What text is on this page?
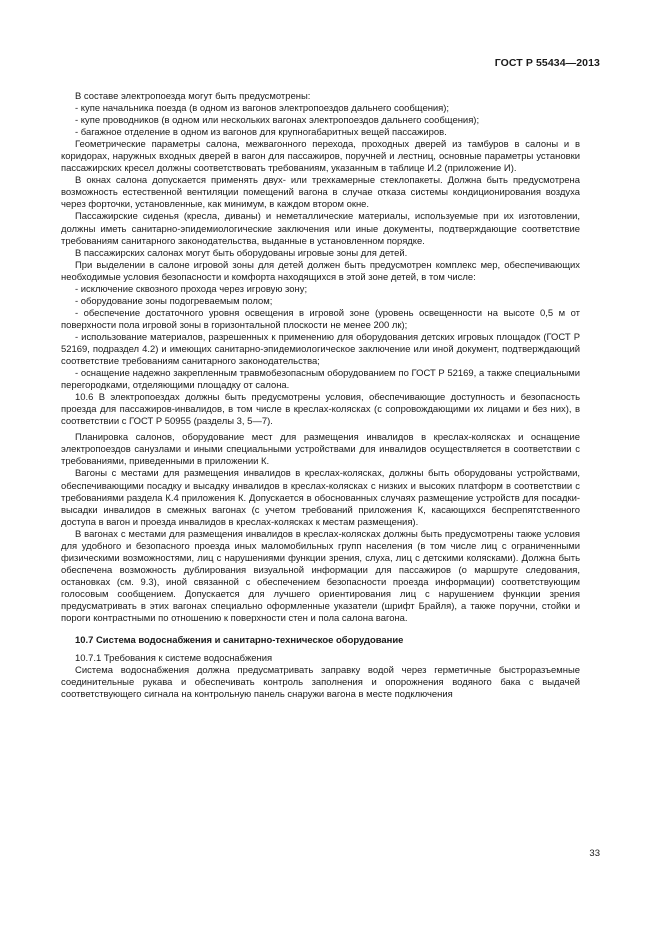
ГОСТ Р 55434—2013

В составе электропоезда могут быть предусмотрены:

- купе начальника поезда (в одном из вагонов электропоездов дальнего сообщения);

- купе проводников (в одном или нескольких вагонах электропоездов дальнего сообщения);

- багажное отделение в одном из вагонов для крупногабаритных вещей пассажиров.

Геометрические параметры салона, межвагонного перехода, проходных дверей из тамбуров в салоны и в коридорах, наружных входных дверей в вагон для пассажиров, поручней и лестниц, основные параметры установки пассажирских кресел должны соответствовать требованиям, указанным в таблице И.2 (приложение И).

В окнах салона допускается применять двух- или трехкамерные стеклопакеты. Должна быть предусмотрена возможность естественной вентиляции помещений вагона в случае отказа системы кондиционирования воздуха через форточки, установленные, как минимум, в каждом втором окне.

Пассажирские сиденья (кресла, диваны) и неметаллические материалы, используемые при их изготовлении, должны иметь санитарно-эпидемиологические заключения или иные документы, подтверждающие соответствие требованиям санитарного законодательства, выданные в установленном порядке.

В пассажирских салонах могут быть оборудованы игровые зоны для детей.

При выделении в салоне игровой зоны для детей должен быть предусмотрен комплекс мер, обеспечивающих необходимые условия безопасности и комфорта находящихся в этой зоне детей, в том числе:

- исключение сквозного прохода через игровую зону;

- оборудование зоны подогреваемым полом;

- обеспечение достаточного уровня освещения в игровой зоне (уровень освещенности на высоте 0,5 м от поверхности пола игровой зоны в горизонтальной плоскости не менее 200 лк);

- использование материалов, разрешенных к применению для оборудования детских игровых площадок (ГОСТ Р 52169, подраздел 4.2) и имеющих санитарно-эпидемиологическое заключение или иной документ, подтверждающий соответствие требованиям санитарного законодательства;

- оснащение надежно закрепленным травмобезопасным оборудованием по ГОСТ Р 52169, а также специальными перегородками, отделяющими площадку от салона.

10.6 В электропоездах должны быть предусмотрены условия, обеспечивающие доступность и безопасность проезда для пассажиров-инвалидов, в том числе в креслах-колясках (с сопровождающими их лицами и без них), в соответствии с ГОСТ Р 50955 (разделы 3, 5—7).

Планировка салонов, оборудование мест для размещения инвалидов в креслах-колясках и оснащение электропоездов санузлами и иными специальными устройствами для инвалидов осуществляется в соответствии с требованиями, приведенными в приложении К.

Вагоны с местами для размещения инвалидов в креслах-колясках, должны быть оборудованы устройствами, обеспечивающими посадку и высадку инвалидов в креслах-колясках с низких и высоких платформ в соответствии с требованиями раздела К.4 приложения К. Допускается в обоснованных случаях размещение устройств для посадки-высадки инвалидов в смежных вагонах (с учетом требований приложения К, касающихся беспрепятственного доступа в вагон и проезда инвалидов в креслах-колясках к местам размещения).

В вагонах с местами для размещения инвалидов в креслах-колясках должны быть предусмотрены также условия для удобного и безопасного проезда иных маломобильных групп населения (в том числе лиц с ограниченными физическими возможностями, лиц с нарушениями функции зрения, слуха, лиц с детскими колясками). Должна быть обеспечена возможность дублирования визуальной информации для пассажиров (о маршруте следования, остановках (см. 9.3), иной связанной с обеспечением безопасности проезда информации) соответствующим голосовым сообщением. Допускается для лучшего ориентирования лиц с нарушением функции зрения предусматривать в этих вагонах специально оформленные указатели (шрифт Брайля), а также поручни, стойки и пороги контрастными по отношению к поверхности стен и пола салона вагона.

10.7 Система водоснабжения и санитарно-техническое оборудование

10.7.1 Требования к системе водоснабжения

Система водоснабжения должна предусматривать заправку водой через герметичные быстроразъемные соединительные рукава и обеспечивать контроль заполнения и опорожнения водяного бака с выдачей соответствующего сигнала на контрольную панель снаружи вагона в месте подключения

33
